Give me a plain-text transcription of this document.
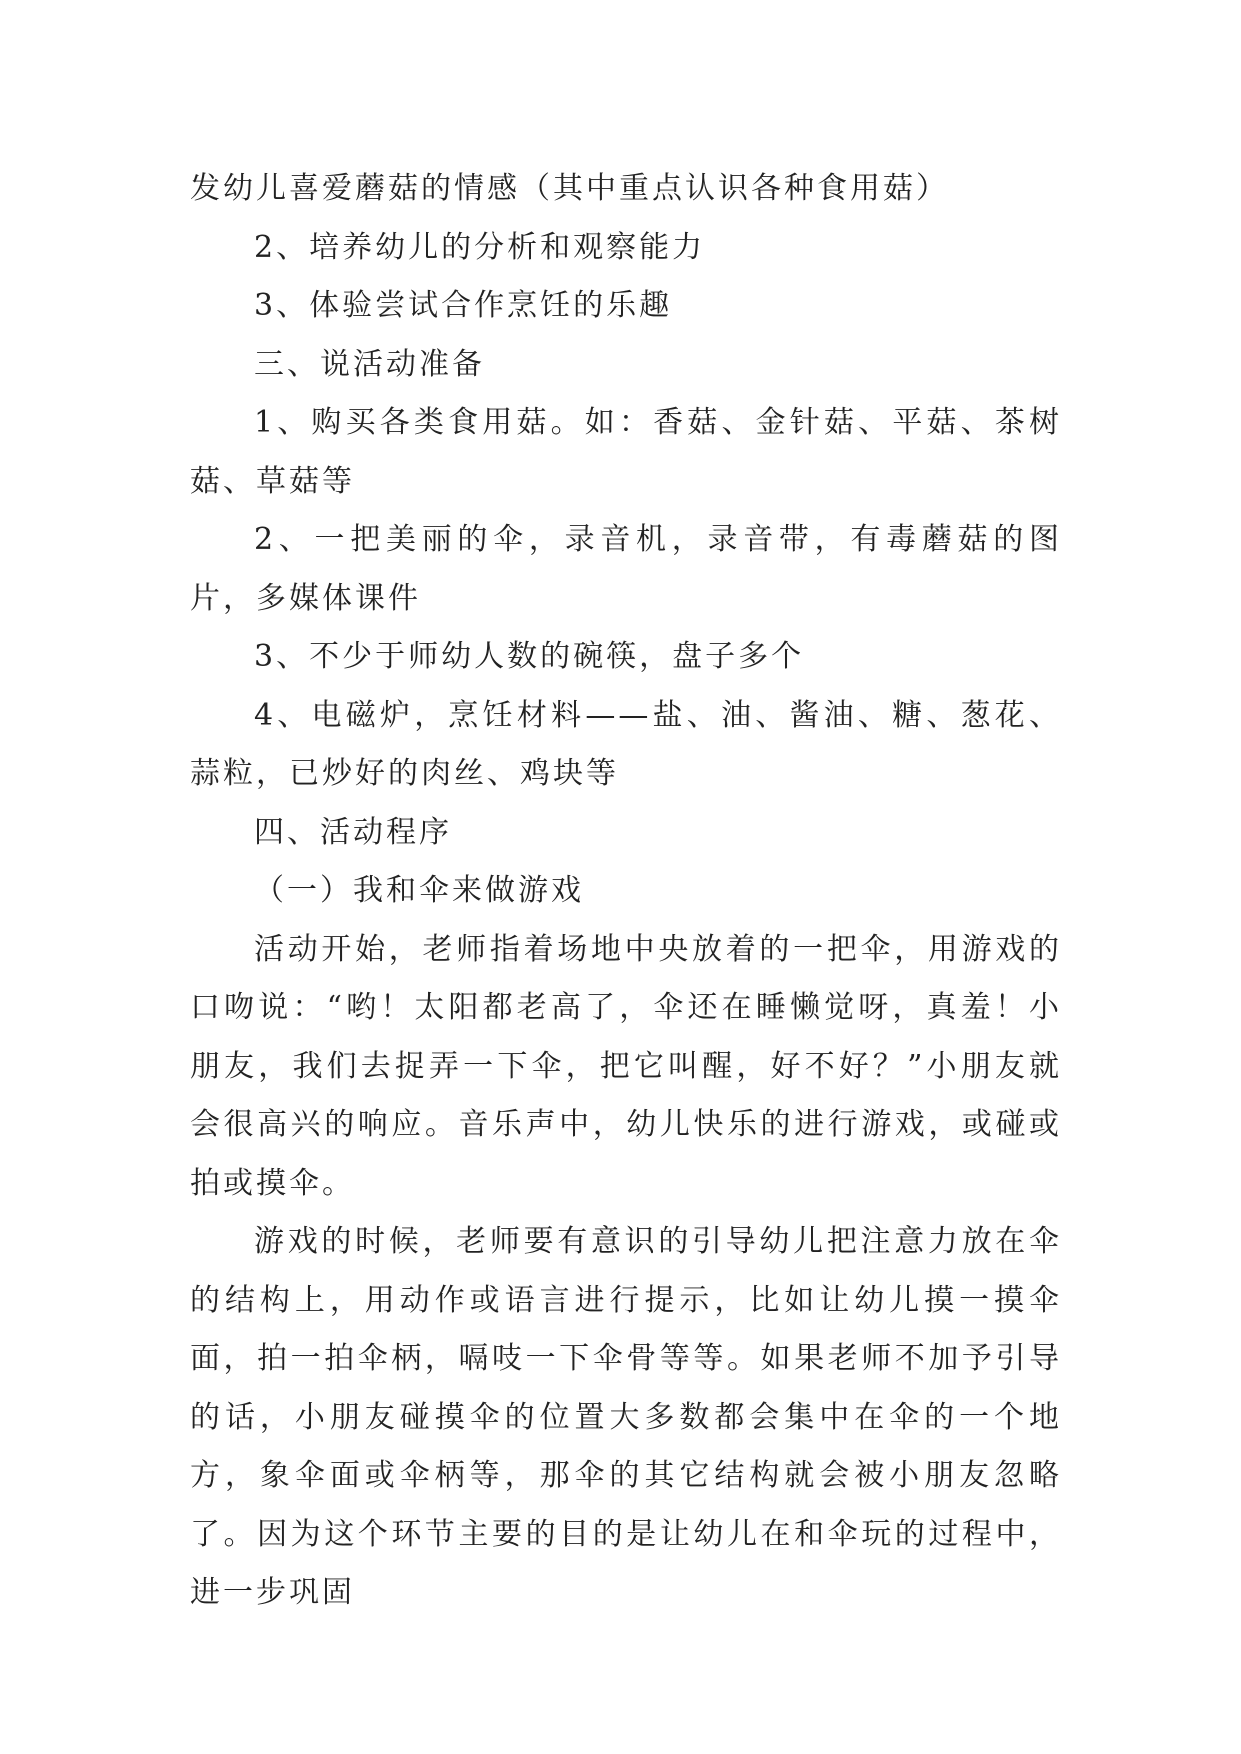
发幼儿喜爱蘑菇的情感（其中重点认识各种食用菇）

2、培养幼儿的分析和观察能力

3、体验尝试合作烹饪的乐趣

三、说活动准备

1、购买各类食用菇。如：香菇、金针菇、平菇、茶树菇、草菇等

2、一把美丽的伞，录音机，录音带，有毒蘑菇的图片，多媒体课件

3、不少于师幼人数的碗筷，盘子多个

4、电磁炉，烹饪材料——盐、油、酱油、糖、葱花、蒜粒，已炒好的肉丝、鸡块等

四、活动程序

（一）我和伞来做游戏

活动开始，老师指着场地中央放着的一把伞，用游戏的口吻说：“哟！太阳都老高了，伞还在睡懒觉呀，真羞！小朋友，我们去捉弄一下伞，把它叫醒，好不好？”小朋友就会很高兴的响应。音乐声中，幼儿快乐的进行游戏，或碰或拍或摸伞。

游戏的时候，老师要有意识的引导幼儿把注意力放在伞的结构上，用动作或语言进行提示，比如让幼儿摸一摸伞面，拍一拍伞柄，嗝吱一下伞骨等等。如果老师不加予引导的话，小朋友碰摸伞的位置大多数都会集中在伞的一个地方，象伞面或伞柄等，那伞的其它结构就会被小朋友忽略了。因为这个环节主要的目的是让幼儿在和伞玩的过程中，进一步巩固
